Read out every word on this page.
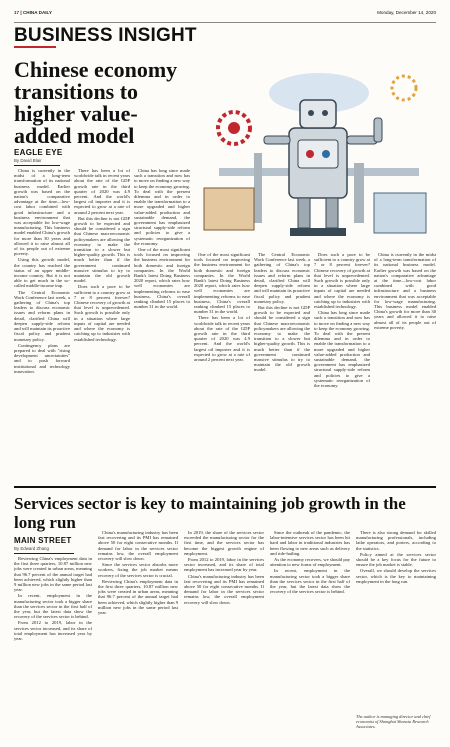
17 | CHINA DAILY	Monday, December 14, 2020
BUSINESS INSIGHT
Chinese economy transitions to higher value-added model
EAGLE EYE
By David Blair

China is currently in the midst of a long-term transformation of its national business model. Earlier growth was based on the nation's comparative advantage at the time—low-cost labor combined with good infrastructure and a business environment that was acceptable for low-wage manufacturing. This business model enabled China's growth for more than 30 years and allowed it to raise almost all of its people out of extreme poverty.

Using this growth model, the country has reached the status of an upper middle-income country. But it is not able to get much in the so-called middle-income trap.

The Central Economic Work Conference last week, a gathering of China's top leaders to discuss economic issues and reform plans in detail, clarified China will deepen supply-side reform and will maintain its proactive fiscal policy and prudent monetary policy.

Contingency plans are prepared to deal with "rising development uncertainties" and to push forward institutional and technology innovation.

There has been a lot of worldwide talk in recent years about the rate of the GDP growth rate in the third quarter of 2020 was 4.9 percent. And the world's largest oil importer and it is expected to grow at a rate of around 2 percent next year.

But this decline is not GDP growth to be expected and should be considered a sign that Chinese macroeconomic policymakers are allowing the economy to make the transition to a slower but higher-quality growth. This is much better than if the government continued massive stimulus to try to maintain the old growth model.

Does such a pace to be sufficient to a country grow at 7 or 8 percent forever? Chinese recovery of growth at that level is unprecedented. Such growth is possible only in a situation where large inputs of capital are needed and where the economy is catching up to industries with established technology.

China has long since made such a transition and now has to move on finding a new way to keep the economy growing. To deal with the present dilemma and in order to enable the transformation to a more upgraded and higher value-added production and sustainable demand, the government has emphasized structural supply-side reform and policies to give a systematic reorganization of the economy.

One of the most significant tools focused on improving the business environment for both domestic and foreign companies. In the World Bank's latest Doing Business 2020 report, which rates how well economies are implementing reforms to ease business, China's overall ranking climbed 15 places to number 31 in the world.

One of the most significant tools focused on improving the business environment for both domestic and foreign companies. In the World Bank's latest Doing Business 2020 report, which rates how well economies are implementing reforms to ease business, China's overall ranking climbed 15 places to number 31 in the world.

There has been a lot of worldwide talk in recent years about the rate of the GDP growth rate in the third quarter of 2020 was 4.9 percent. And the world's largest oil importer and it is expected to grow at a rate of around 2 percent next year.

The Central Economic Work Conference last week, a gathering of China's top leaders to discuss economic issues and reform plans in detail, clarified China will deepen supply-side reform and will maintain its proactive fiscal policy and prudent monetary policy.

But this decline is not GDP growth to be expected and should be considered a sign that Chinese macroeconomic policymakers are allowing the economy to make the transition to a slower but higher-quality growth. This is much better than if the government continued massive stimulus to try to maintain the old growth model.

Does such a pace to be sufficient to a country grow at 7 or 8 percent forever? Chinese recovery of growth at that level is unprecedented. Such growth is possible only in a situation where large inputs of capital are needed and where the economy is catching up to industries with established technology.

China has long since made such a transition and now has to move on finding a new way to keep the economy growing. To deal with the present dilemma and in order to enable the transformation to a more upgraded and higher value-added production and sustainable demand, the government has emphasized structural supply-side reform and policies to give a systematic reorganization of the economy.

China is currently in the midst of a long-term transformation of its national business model. Earlier growth was based on the nation's comparative advantage at the time—low-cost labor combined with good infrastructure and a business environment that was acceptable for low-wage manufacturing. This business model enabled China's growth for more than 30 years and allowed it to raise almost all of its people out of extreme poverty.

Services sector is key to maintaining job growth in the long run
MAIN STREET
By Edward Zhang

Reviewing China's employment data in the first three quarters, 10.87 million new jobs were created in urban areas, meaning that 96.7 percent of the annual target had been achieved, which slightly higher than 9 million new jobs in the same period last year.

In recent, employment in the manufacturing sector took a bigger share than the services sector in the first half of the year, but the latest data show the recovery of the services sector is behind.

From 2012 to 2019, labor in the services sector increased, and its share of total employment has increased year by year.

China's manufacturing industry has been fast recovering and its PMI has remained above 50 for eight consecutive months. If demand for labor in the services sector remains low, the overall employment recovery will slow down.

Since the services sector absorbs more workers, fixing the job market means recovery of the services sector is crucial.

Reviewing China's employment data in the first three quarters, 10.87 million new jobs were created in urban areas, meaning that 96.7 percent of the annual target had been achieved, which slightly higher than 9 million new jobs in the same period last year.

In 2019, the share of the services sector exceeded the manufacturing sector for the first time, and the services sector has become the biggest growth engine of employment.

From 2012 to 2019, labor in the services sector increased, and its share of total employment has increased year by year.

China's manufacturing industry has been fast recovering and its PMI has remained above 50 for eight consecutive months. If demand for labor in the services sector remains low, the overall employment recovery will slow down.

Since the outbreak of the pandemic, the labor-intensive services sector has been hit hard and labor in traditional industries has been flowing to new areas such as delivery and ride-hailing.

As the economy recovers, we should pay attention to new forms of employment.

In recent, employment in the manufacturing sector took a bigger share than the services sector in the first half of the year, but the latest data show the recovery of the services sector is behind.

There is also strong demand for skilled manufacturing professionals, including lathe operators, and porters, according to the statistics.

Policy aimed at the services sector should be a key focus for the future to ensure the job market is stable.

Overall, we should develop the services sector, which is the key to maintaining employment in the long run.

The author is managing director and chief economist of Shanghai Shanxia Research Associates.
